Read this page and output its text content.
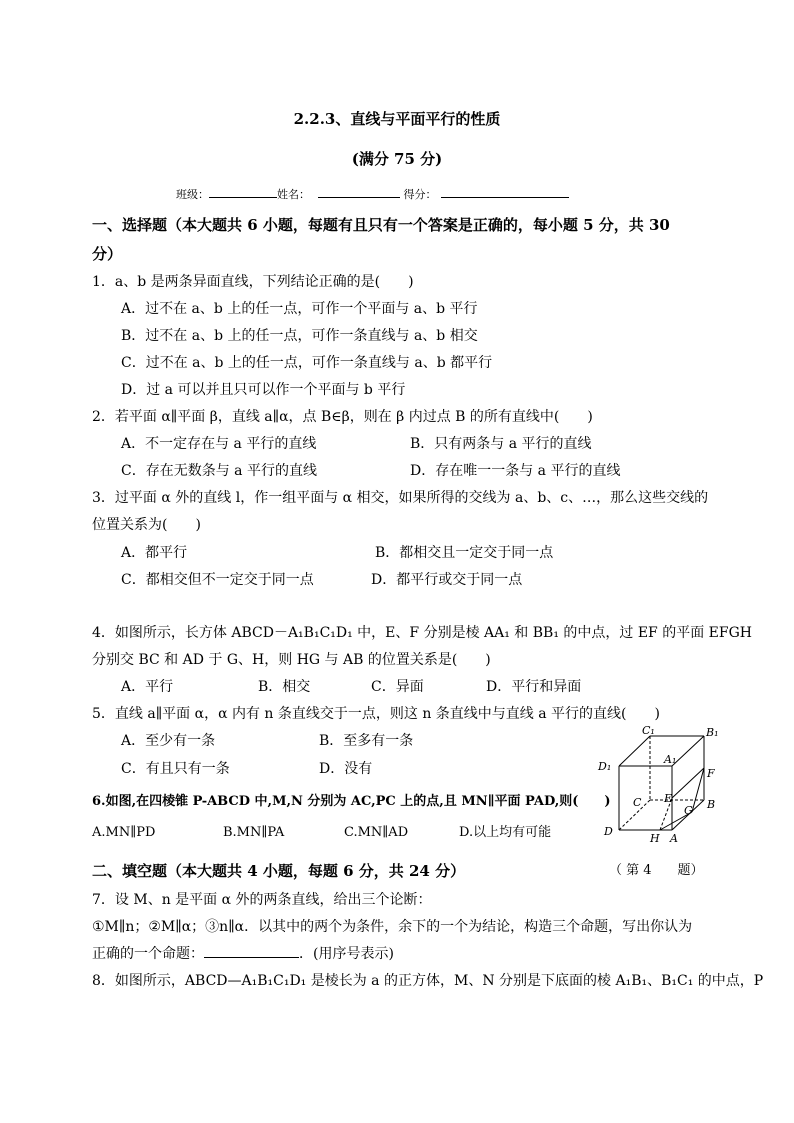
2.2.3、直线与平面平行的性质
(满分 75 分)
班级：	姓名：	得分：
一、选择题（本大题共 6 小题，每题有且只有一个答案是正确的，每小题 5 分，共 30
分）
1．a、b 是两条异面直线，下列结论正确的是(　　)
A．过不在 a、b 上的任一点，可作一个平面与 a、b 平行
B．过不在 a、b 上的任一点，可作一条直线与 a、b 相交
C．过不在 a、b 上的任一点，可作一条直线与 a、b 都平行
D．过 a 可以并且只可以作一个平面与 b 平行
2．若平面 α∥平面 β，直线 a∥α，点 B∈β，则在 β 内过点 B 的所有直线中(　　)
A．不一定存在与 a 平行的直线	B．只有两条与 a 平行的直线
C．存在无数条与 a 平行的直线	D．存在唯一一条与 a 平行的直线
3．过平面 α 外的直线 l，作一组平面与 α 相交，如果所得的交线为 a、b、c、…，那么这些交线的
位置关系为(　　)
A．都平行	B．都相交且一定交于同一点
C．都相交但不一定交于同一点	D．都平行或交于同一点
4．如图所示，长方体 ABCD－A₁B₁C₁D₁ 中，E、F 分别是棱 AA₁ 和 BB₁ 的中点，过 EF 的平面 EFGH
分别交 BC 和 AD 于 G、H，则 HG 与 AB 的位置关系是(　　)
A．平行	B．相交	C．异面	D．平行和异面
5．直线 a∥平面 α，α 内有 n 条直线交于一点，则这 n 条直线中与直线 a 平行的直线(　　)
A．至少有一条	B．至多有一条
C．有且只有一条	D．没有
6.如图,在四棱锥 P-ABCD 中,M,N 分别为 AC,PC 上的点,且 MN∥平面 PAD,则(　　)
A.MN∥PD	B.MN∥PA	C.MN∥AD	D.以上均有可能
C₁	B₁
A₁
D₁
F
E
C
G B
D
H A
二、填空题（本大题共 4 小题，每题 6 分，共 24 分）	（ 第 4　　题）
7．设 M、n 是平面 α 外的两条直线，给出三个论断：
①M∥n；②M∥α；③n∥α．以其中的两个为条件，余下的一个为结论，构造三个命题，写出你认为
正确的一个命题：	．(用序号表示)
8．如图所示，ABCD—A₁B₁C₁D₁ 是棱长为 a 的正方体，M、N 分别是下底面的棱 A₁B₁、B₁C₁ 的中点，P
